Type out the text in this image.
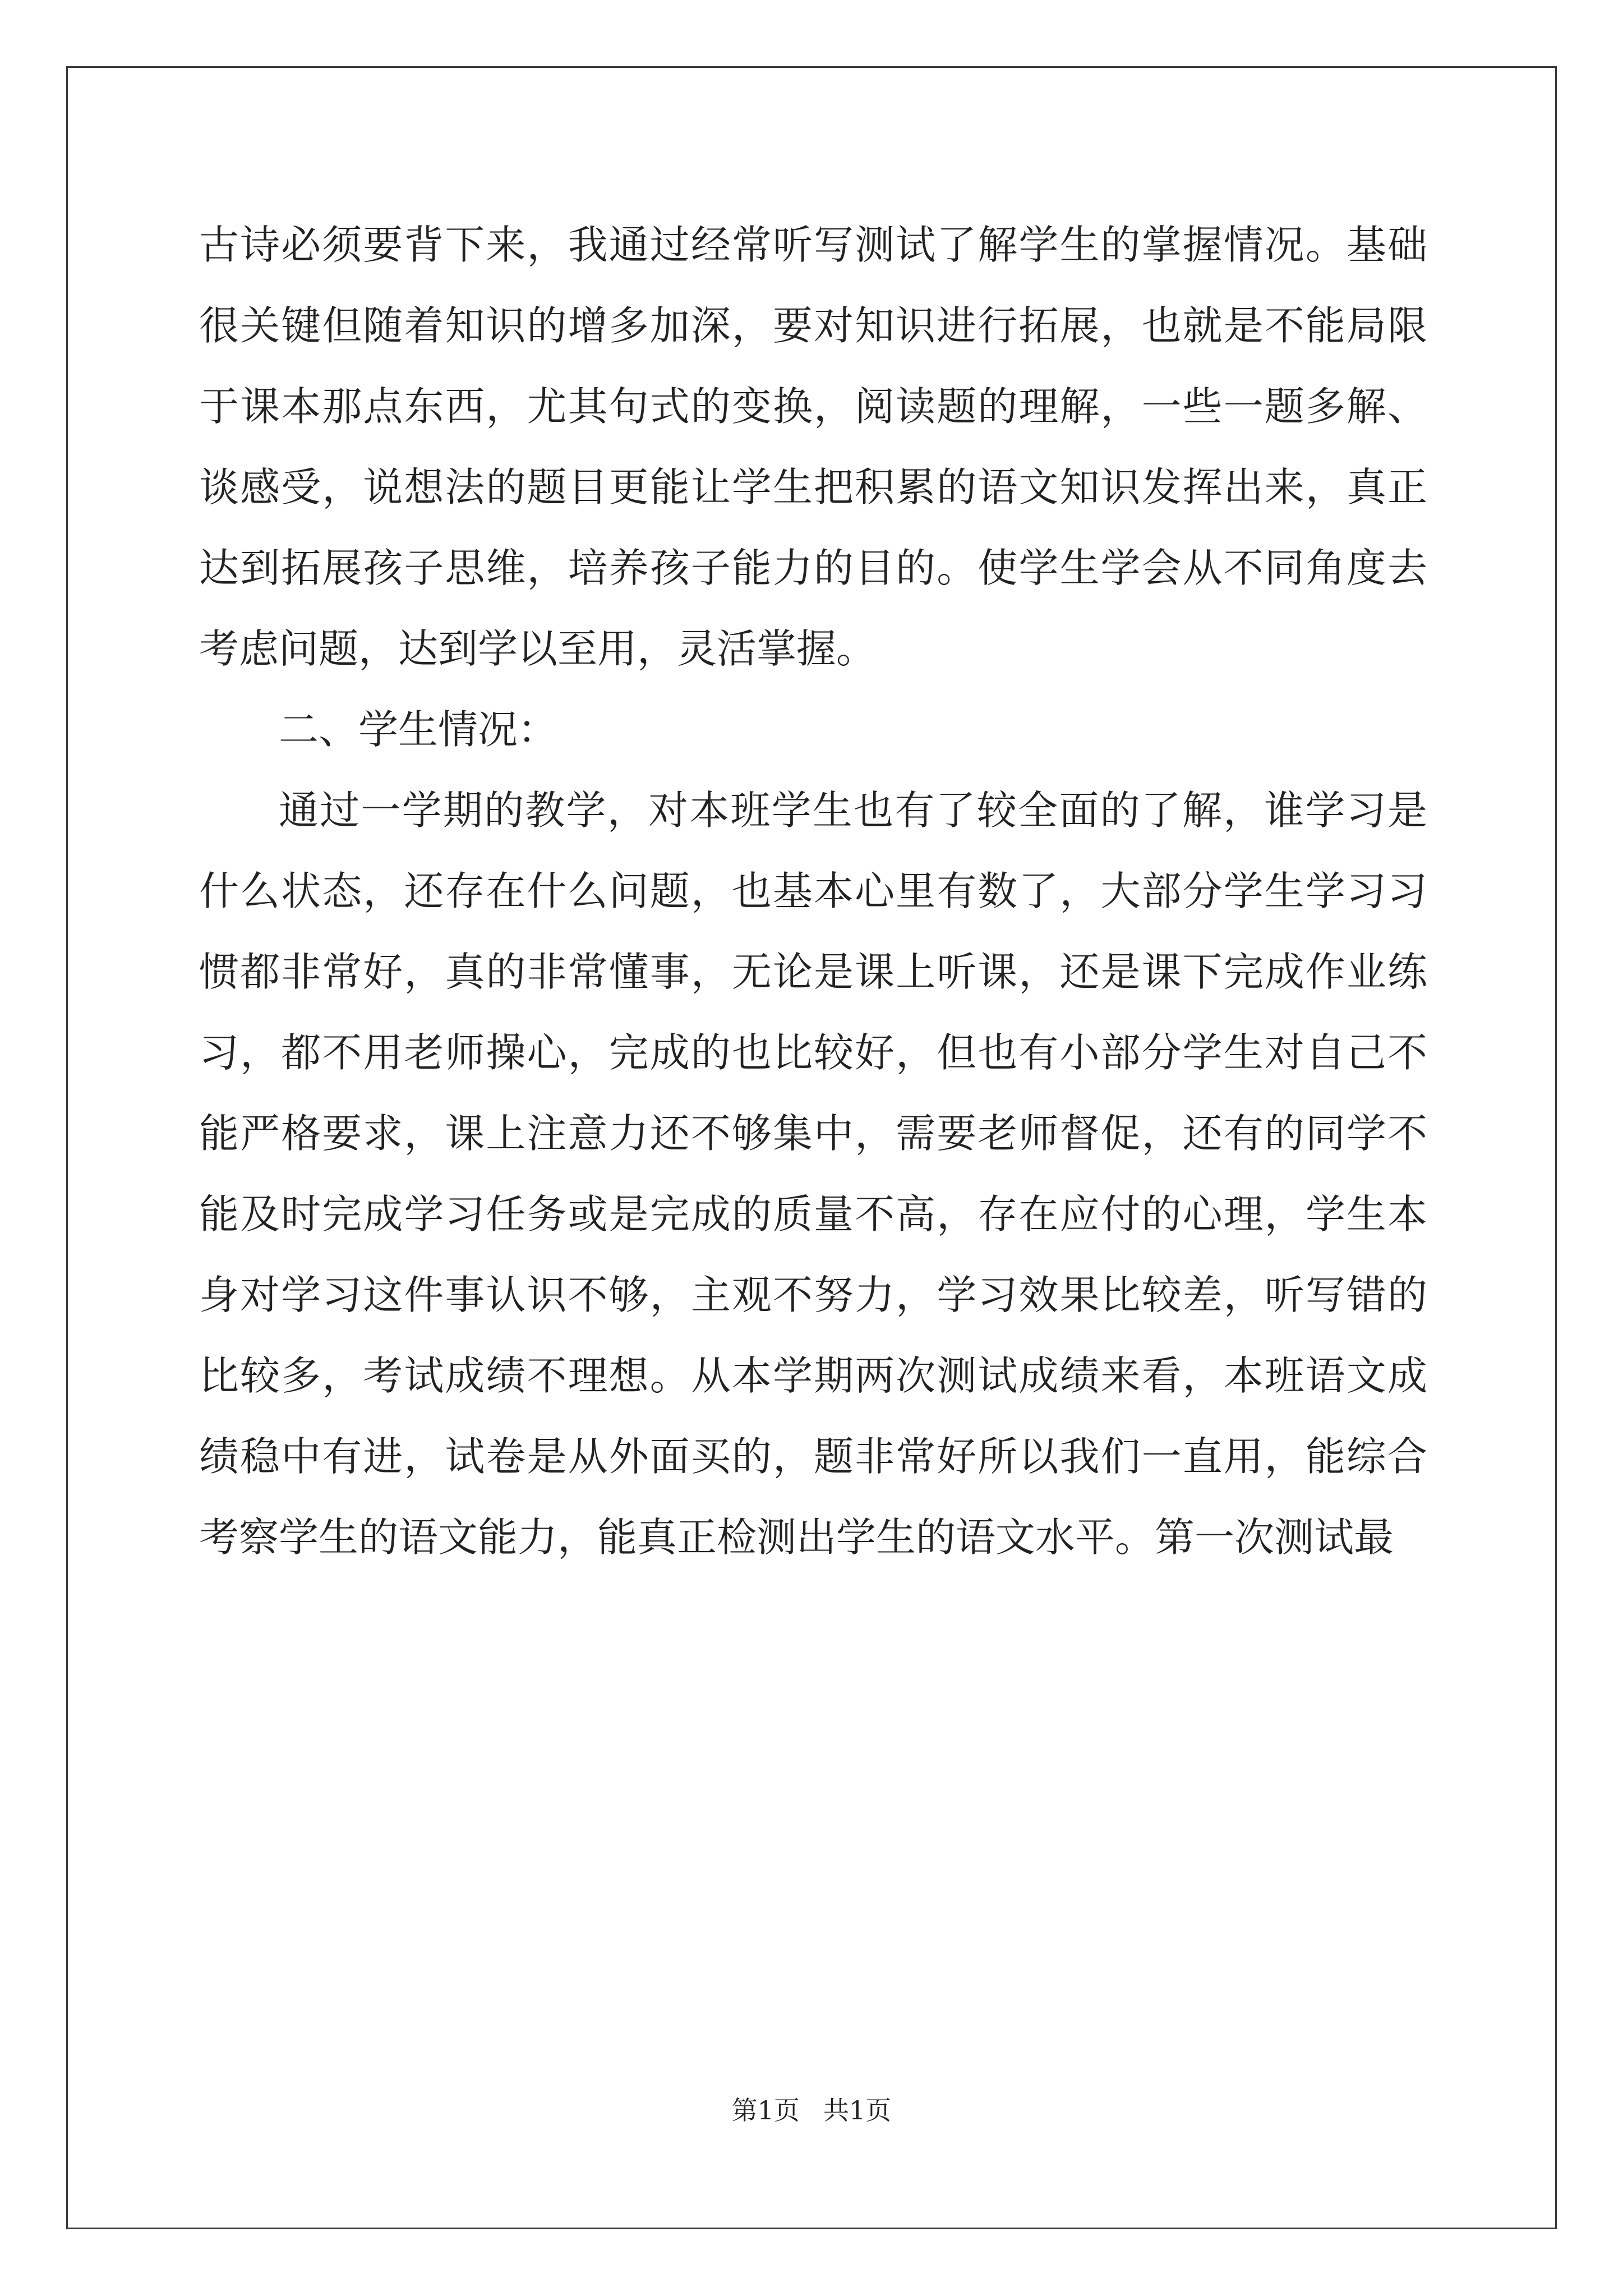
古诗必须要背下来，我通过经常听写测试了解学生的掌握情况。基础很关键但随着知识的增多加深，要对知识进行拓展，也就是不能局限于课本那点东西，尤其句式的变换，阅读题的理解，一些一题多解、谈感受，说想法的题目更能让学生把积累的语文知识发挥出来，真正达到拓展孩子思维，培养孩子能力的目的。使学生学会从不同角度去考虑问题，达到学以至用，灵活掌握。

二、学生情况：

通过一学期的教学，对本班学生也有了较全面的了解，谁学习是什么状态，还存在什么问题，也基本心里有数了，大部分学生学习习惯都非常好，真的非常懂事，无论是课上听课，还是课下完成作业练习，都不用老师操心，完成的也比较好，但也有小部分学生对自己不能严格要求，课上注意力还不够集中，需要老师督促，还有的同学不能及时完成学习任务或是完成的质量不高，存在应付的心理，学生本身对学习这件事认识不够，主观不努力，学习效果比较差，听写错的比较多，考试成绩不理想。从本学期两次测试成绩来看，本班语文成绩稳中有进，试卷是从外面买的，题非常好所以我们一直用，能综合考察学生的语文能力，能真正检测出学生的语文水平。第一次测试最

第1页 共1页
